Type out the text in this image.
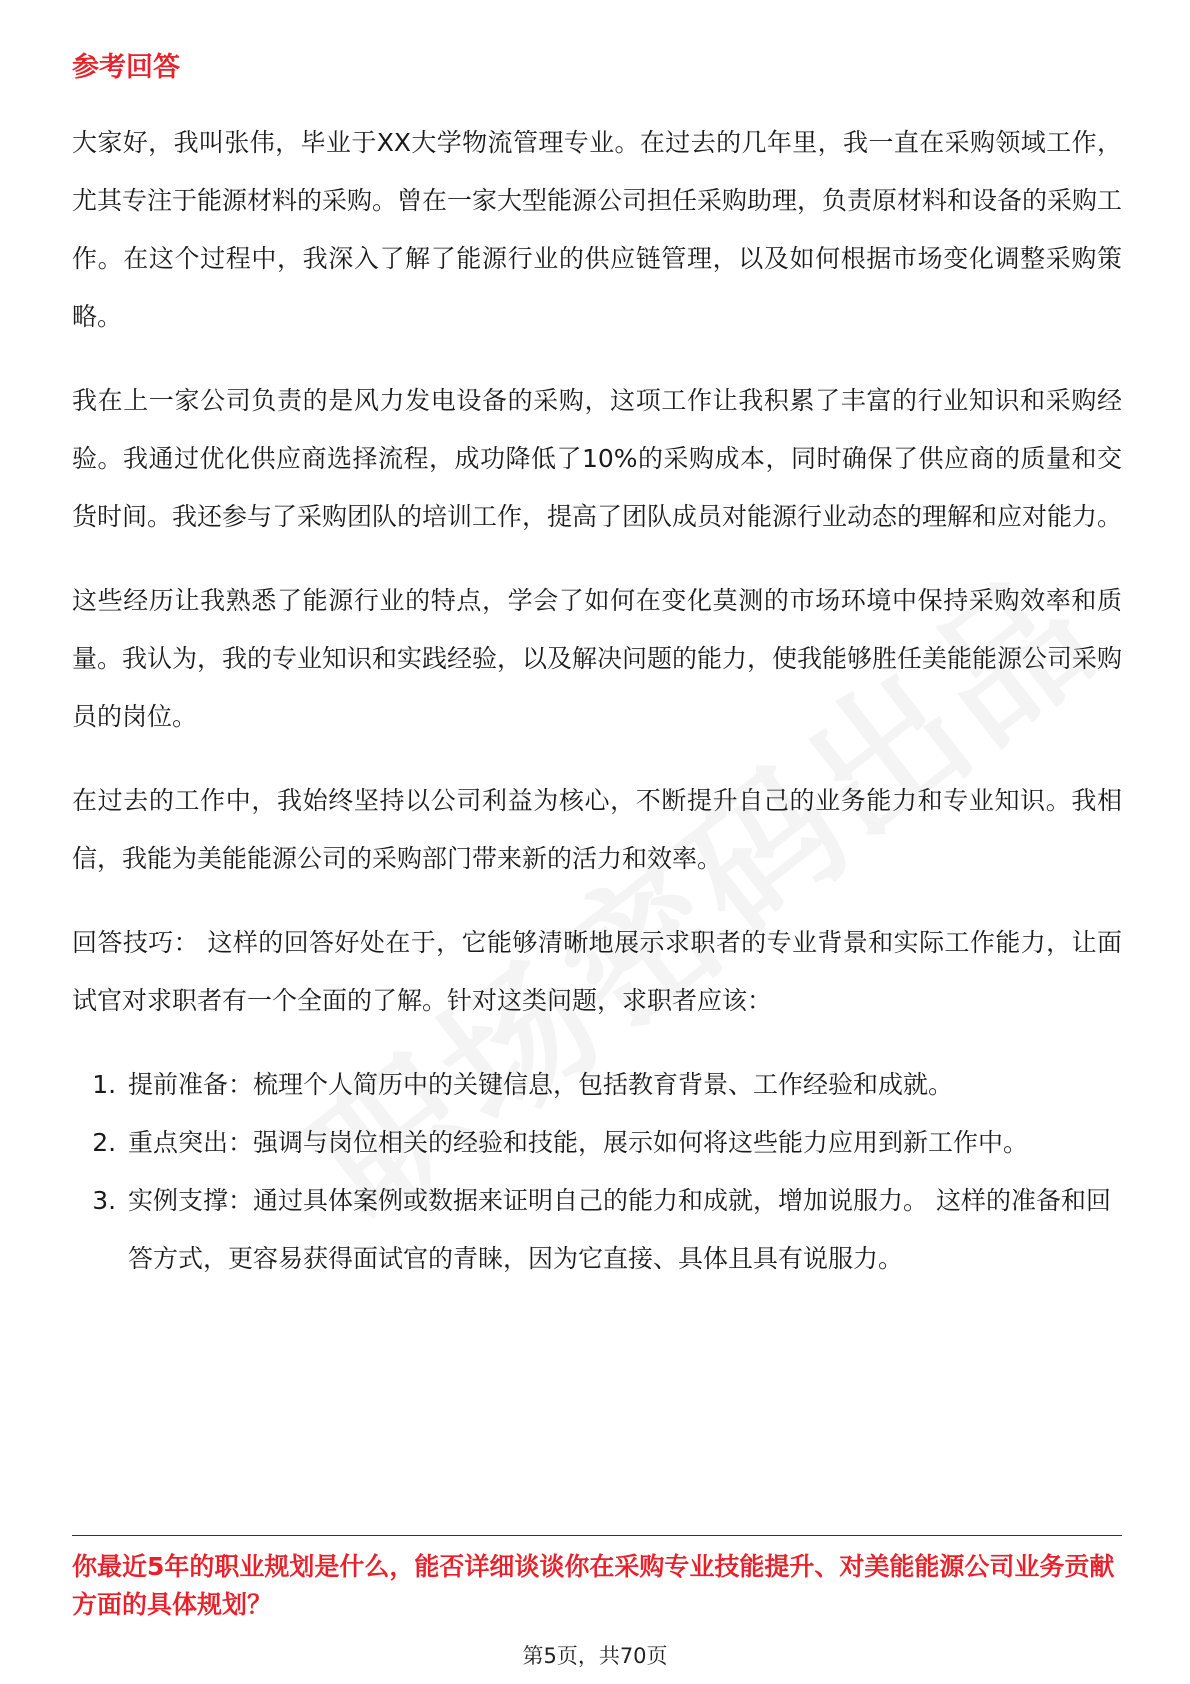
参考回答

大家好，我叫张伟，毕业于XX大学物流管理专业。在过去的几年里，我一直在采购领域工作，尤其专注于能源材料的采购。曾在一家大型能源公司担任采购助理，负责原材料和设备的采购工作。在这个过程中，我深入了解了能源行业的供应链管理，以及如何根据市场变化调整采购策略。

我在上一家公司负责的是风力发电设备的采购，这项工作让我积累了丰富的行业知识和采购经验。我通过优化供应商选择流程，成功降低了10%的采购成本，同时确保了供应商的质量和交货时间。我还参与了采购团队的培训工作，提高了团队成员对能源行业动态的理解和应对能力。

这些经历让我熟悉了能源行业的特点，学会了如何在变化莫测的市场环境中保持采购效率和质量。我认为，我的专业知识和实践经验，以及解决问题的能力，使我能够胜任美能能源公司采购员的岗位。

在过去的工作中，我始终坚持以公司利益为核心，不断提升自己的业务能力和专业知识。我相信，我能为美能能源公司的采购部门带来新的活力和效率。

回答技巧： 这样的回答好处在于，它能够清晰地展示求职者的专业背景和实际工作能力，让面试官对求职者有一个全面的了解。针对这类问题，求职者应该：

1. 提前准备：梳理个人简历中的关键信息，包括教育背景、工作经验和成就。
2. 重点突出：强调与岗位相关的经验和技能，展示如何将这些能力应用到新工作中。
3. 实例支撑：通过具体案例或数据来证明自己的能力和成就，增加说服力。 这样的准备和回答方式，更容易获得面试官的青睐，因为它直接、具体且具有说服力。
你最近5年的职业规划是什么，能否详细谈谈你在采购专业技能提升、对美能能源公司业务贡献方面的具体规划？
第5页，共70页
